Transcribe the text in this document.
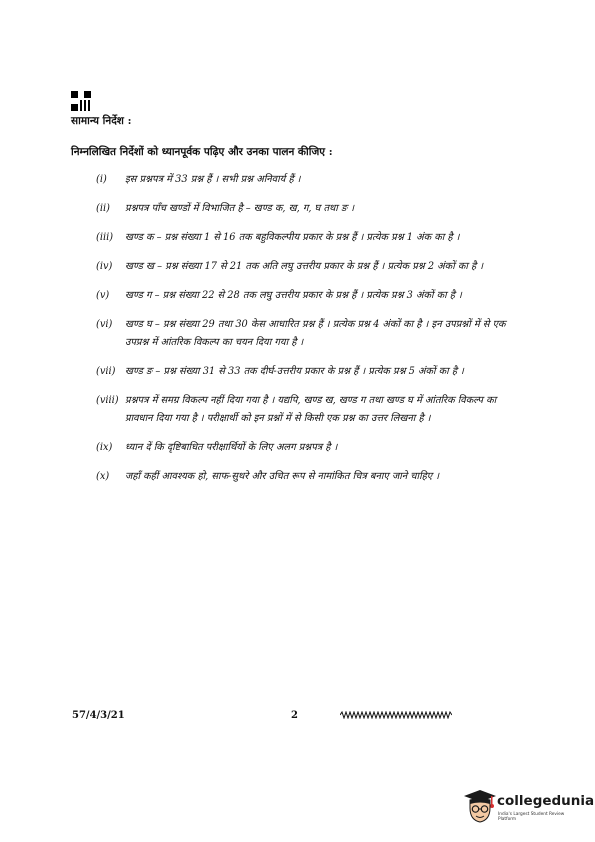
सामान्य निर्देश :
निम्नलिखित निर्देशों को ध्यानपूर्वक पढ़िए और उनका पालन कीजिए :
(i) इस प्रश्नपत्र में 33 प्रश्न हैं । सभी प्रश्न अनिवार्य हैं ।
(ii) प्रश्नपत्र पाँच खण्डों में विभाजित है – खण्ड क, ख, ग, घ तथा ङ ।
(iii) खण्ड क – प्रश्न संख्या 1 से 16 तक बहुविकल्पीय प्रकार के प्रश्न हैं । प्रत्येक प्रश्न 1 अंक का है ।
(iv) खण्ड ख – प्रश्न संख्या 17 से 21 तक अति लघु उत्तरीय प्रकार के प्रश्न हैं । प्रत्येक प्रश्न 2 अंकों का है ।
(v) खण्ड ग – प्रश्न संख्या 22 से 28 तक लघु उत्तरीय प्रकार के प्रश्न हैं । प्रत्येक प्रश्न 3 अंकों का है ।
(vi) खण्ड घ – प्रश्न संख्या 29 तथा 30 केस आधारित प्रश्न हैं । प्रत्येक प्रश्न 4 अंकों का है । इन उपप्रश्नों में से एक उपप्रश्न में आंतरिक विकल्प का चयन दिया गया है ।
(vii) खण्ड ङ – प्रश्न संख्या 31 से 33 तक दीर्घ-उत्तरीय प्रकार के प्रश्न हैं । प्रत्येक प्रश्न 5 अंकों का है ।
(viii) प्रश्नपत्र में समग्र विकल्प नहीं दिया गया है । यद्यपि, खण्ड ख, खण्ड ग तथा खण्ड घ में आंतरिक विकल्प का प्रावधान दिया गया है । परीक्षार्थी को इन प्रश्नों में से किसी एक प्रश्न का उत्तर लिखना है ।
(ix) ध्यान दें कि दृष्टिबाधित परीक्षार्थियों के लिए अलग प्रश्नपत्र है ।
(x) जहाँ कहीं आवश्यक हो, साफ-सुथरे और उचित रूप से नामांकित चित्र बनाए जाने चाहिए ।
57/4/3/21	2
collegedunia
India's Largest Student Review Platform
